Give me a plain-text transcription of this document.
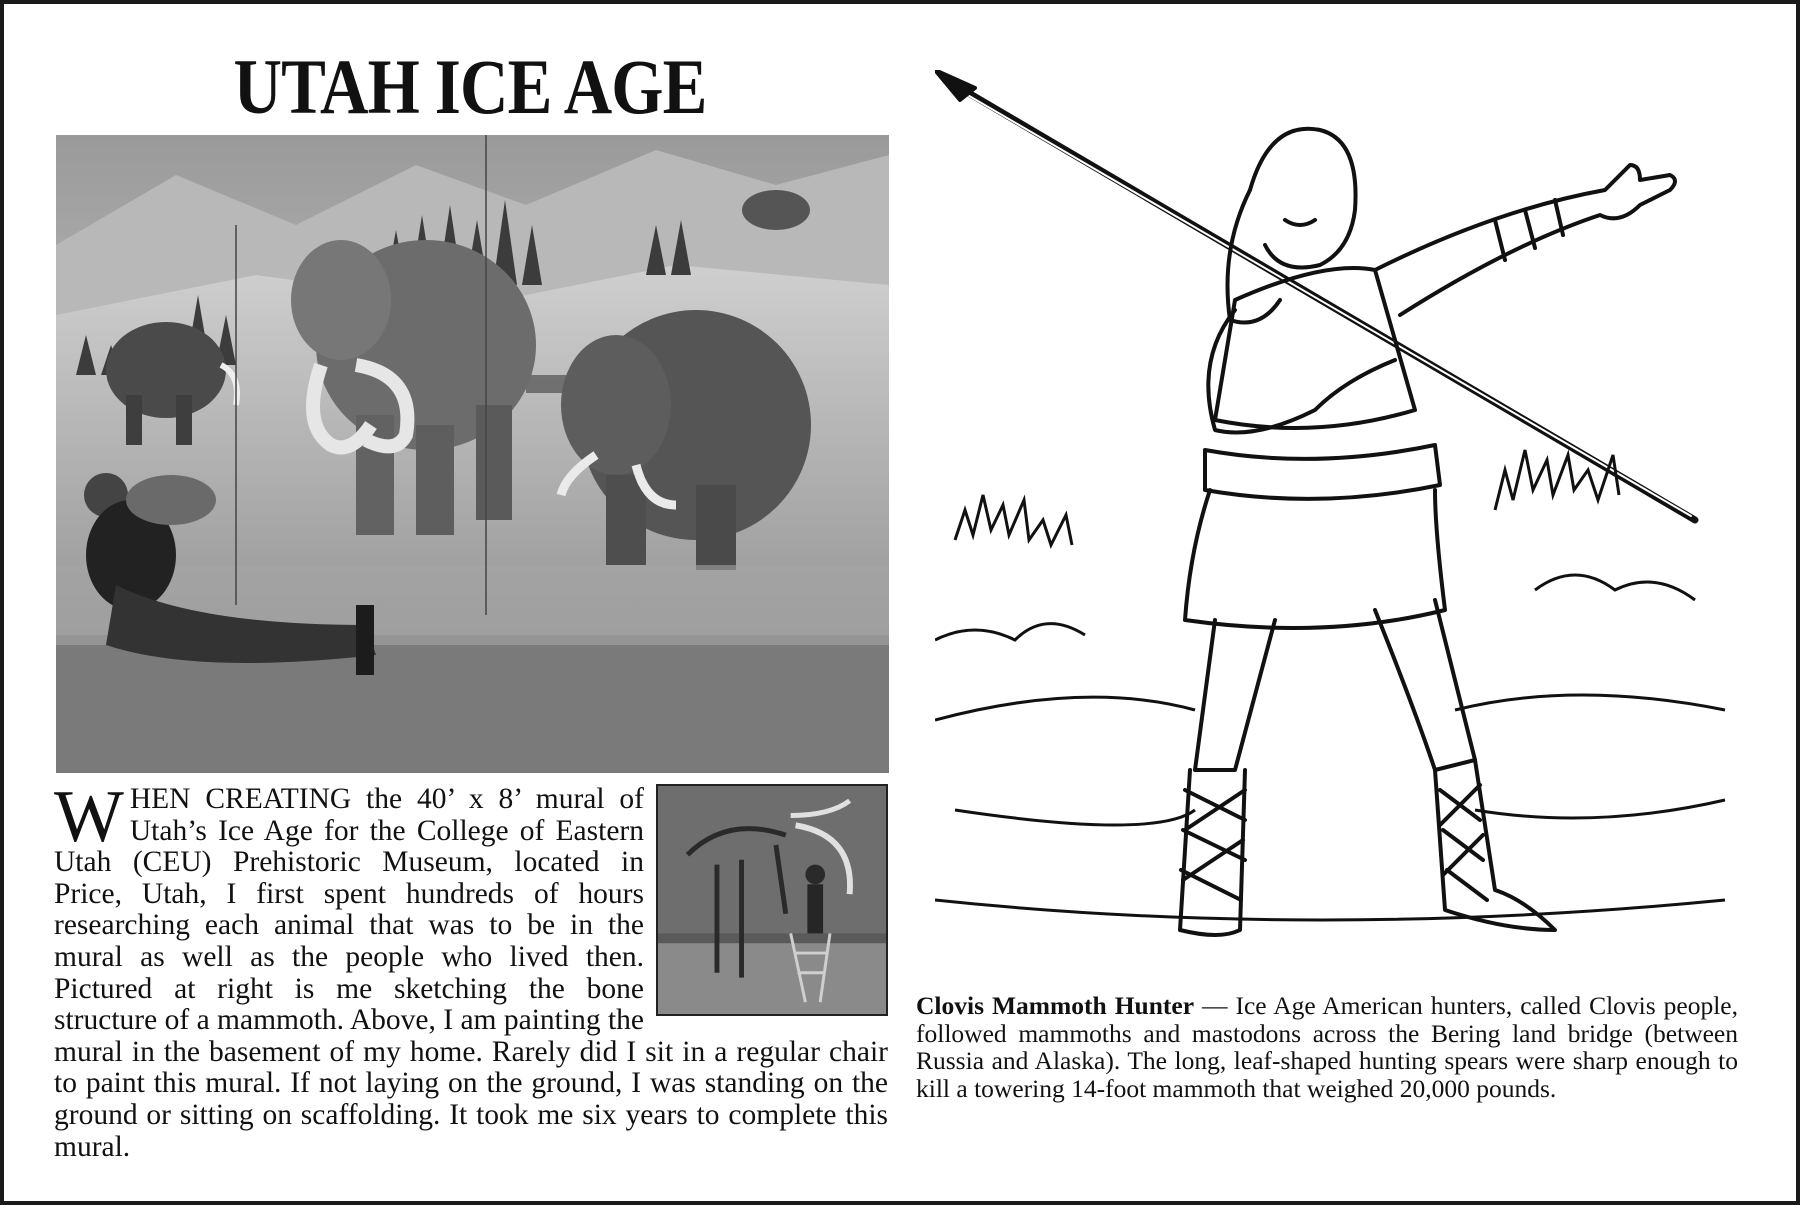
UTAH ICE AGE
WHEN CREATING the 40’ x 8’ mural of Utah’s Ice Age for the College of Eastern Utah (CEU) Prehistoric Museum, located in Price, Utah, I first spent hundreds of hours researching each animal that was to be in the mural as well as the people who lived then. Pictured at right is me sketching the bone structure of a mammoth. Above, I am painting the mural in the basement of my home. Rarely did I sit in a regular chair to paint this mural. If not laying on the ground, I was standing on the ground or sitting on scaffolding. It took me six years to complete this mural.

Clovis Mammoth Hunter — Ice Age American hunters, called Clovis people, followed mammoths and mastodons across the Bering land bridge (between Russia and Alaska). The long, leaf-shaped hunting spears were sharp enough to kill a towering 14-foot mammoth that weighed 20,000 pounds.
